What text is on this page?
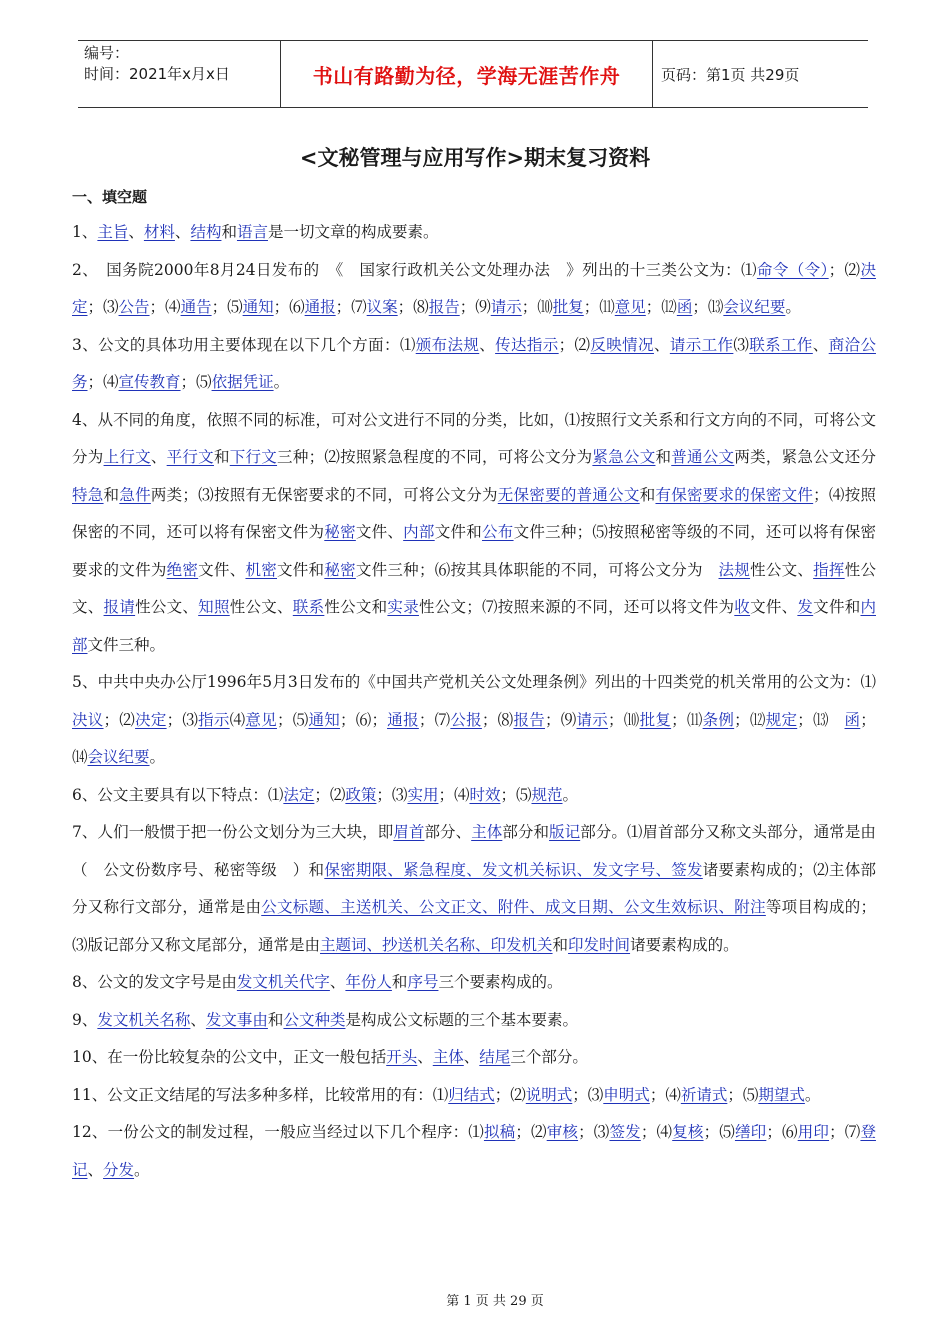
编号：
时间：2021年x月x日	书山有路勤为径，学海无涯苦作舟	页码：第1页 共29页
<文秘管理与应用写作>期末复习资料
一、填空题

1、主旨、材料、结构和语言是一切文章的构成要素。

2、　国务院2000年8月24日发布的　《　国家行政机关公文处理办法　》列出的十三类公文为：⑴命令（令）；⑵决定；⑶公告；⑷通告；⑸通知；⑹通报；⑺议案；⑻报告；⑼请示；⑽批复；⑾意见；⑿函；⒀会议纪要。

3、公文的具体功用主要体现在以下几个方面：⑴颁布法规、传达指示；⑵反映情况、请示工作⑶联系工作、商洽公务；⑷宣传教育；⑸依据凭证。

4、从不同的角度，依照不同的标准，可对公文进行不同的分类，比如，⑴按照行文关系和行文方向的不同，可将公文分为上行文、平行文和下行文三种；⑵按照紧急程度的不同，可将公文分为紧急公文和普通公文两类，紧急公文还分特急和急件两类；⑶按照有无保密要求的不同，可将公文分为无保密要的普通公文和有保密要求的保密文件；⑷按照保密的不同，还可以将有保密文件为秘密文件、内部文件和公布文件三种；⑸按照秘密等级的不同，还可以将有保密要求的文件为绝密文件、机密文件和秘密文件三种；⑹按其具体职能的不同，可将公文分为　法规性公文、指挥性公文、报请性公文、知照性公文、联系性公文和实录性公文；⑺按照来源的不同，还可以将文件为收文件、发文件和内部文件三种。

5、中共中央办公厅1996年5月3日发布的《中国共产党机关公文处理条例》列出的十四类党的机关常用的公文为：⑴决议；⑵决定；⑶指示⑷意见；⑸通知；⑹；通报；⑺公报；⑻报告；⑼请示；⑽批复；⑾条例；⑿规定；⒀　函；⒁会议纪要。

6、公文主要具有以下特点：⑴法定；⑵政策；⑶实用；⑷时效；⑸规范。

7、人们一般惯于把一份公文划分为三大块，即眉首部分、主体部分和版记部分。⑴眉首部分又称文头部分，通常是由（　公文份数序号、秘密等级　）和保密期限、紧急程度、发文机关标识、发文字号、签发诸要素构成的；⑵主体部分又称行文部分，通常是由公文标题、主送机关、公文正文、附件、成文日期、公文生效标识、附注等项目构成的；⑶版记部分又称文尾部分，通常是由主题词、抄送机关名称、印发机关和印发时间诸要素构成的。

8、公文的发文字号是由发文机关代字、年份人和序号三个要素构成的。

9、发文机关名称、发文事由和公文种类是构成公文标题的三个基本要素。

10、在一份比较复杂的公文中，正文一般包括开头、主体、结尾三个部分。

11、公文正文结尾的写法多种多样，比较常用的有：⑴归结式；⑵说明式；⑶申明式；⑷祈请式；⑸期望式。

12、一份公文的制发过程，一般应当经过以下几个程序：⑴拟稿；⑵审核；⑶签发；⑷复核；⑸缮印；⑹用印；⑺登记、分发。

第 1 页 共 29 页
